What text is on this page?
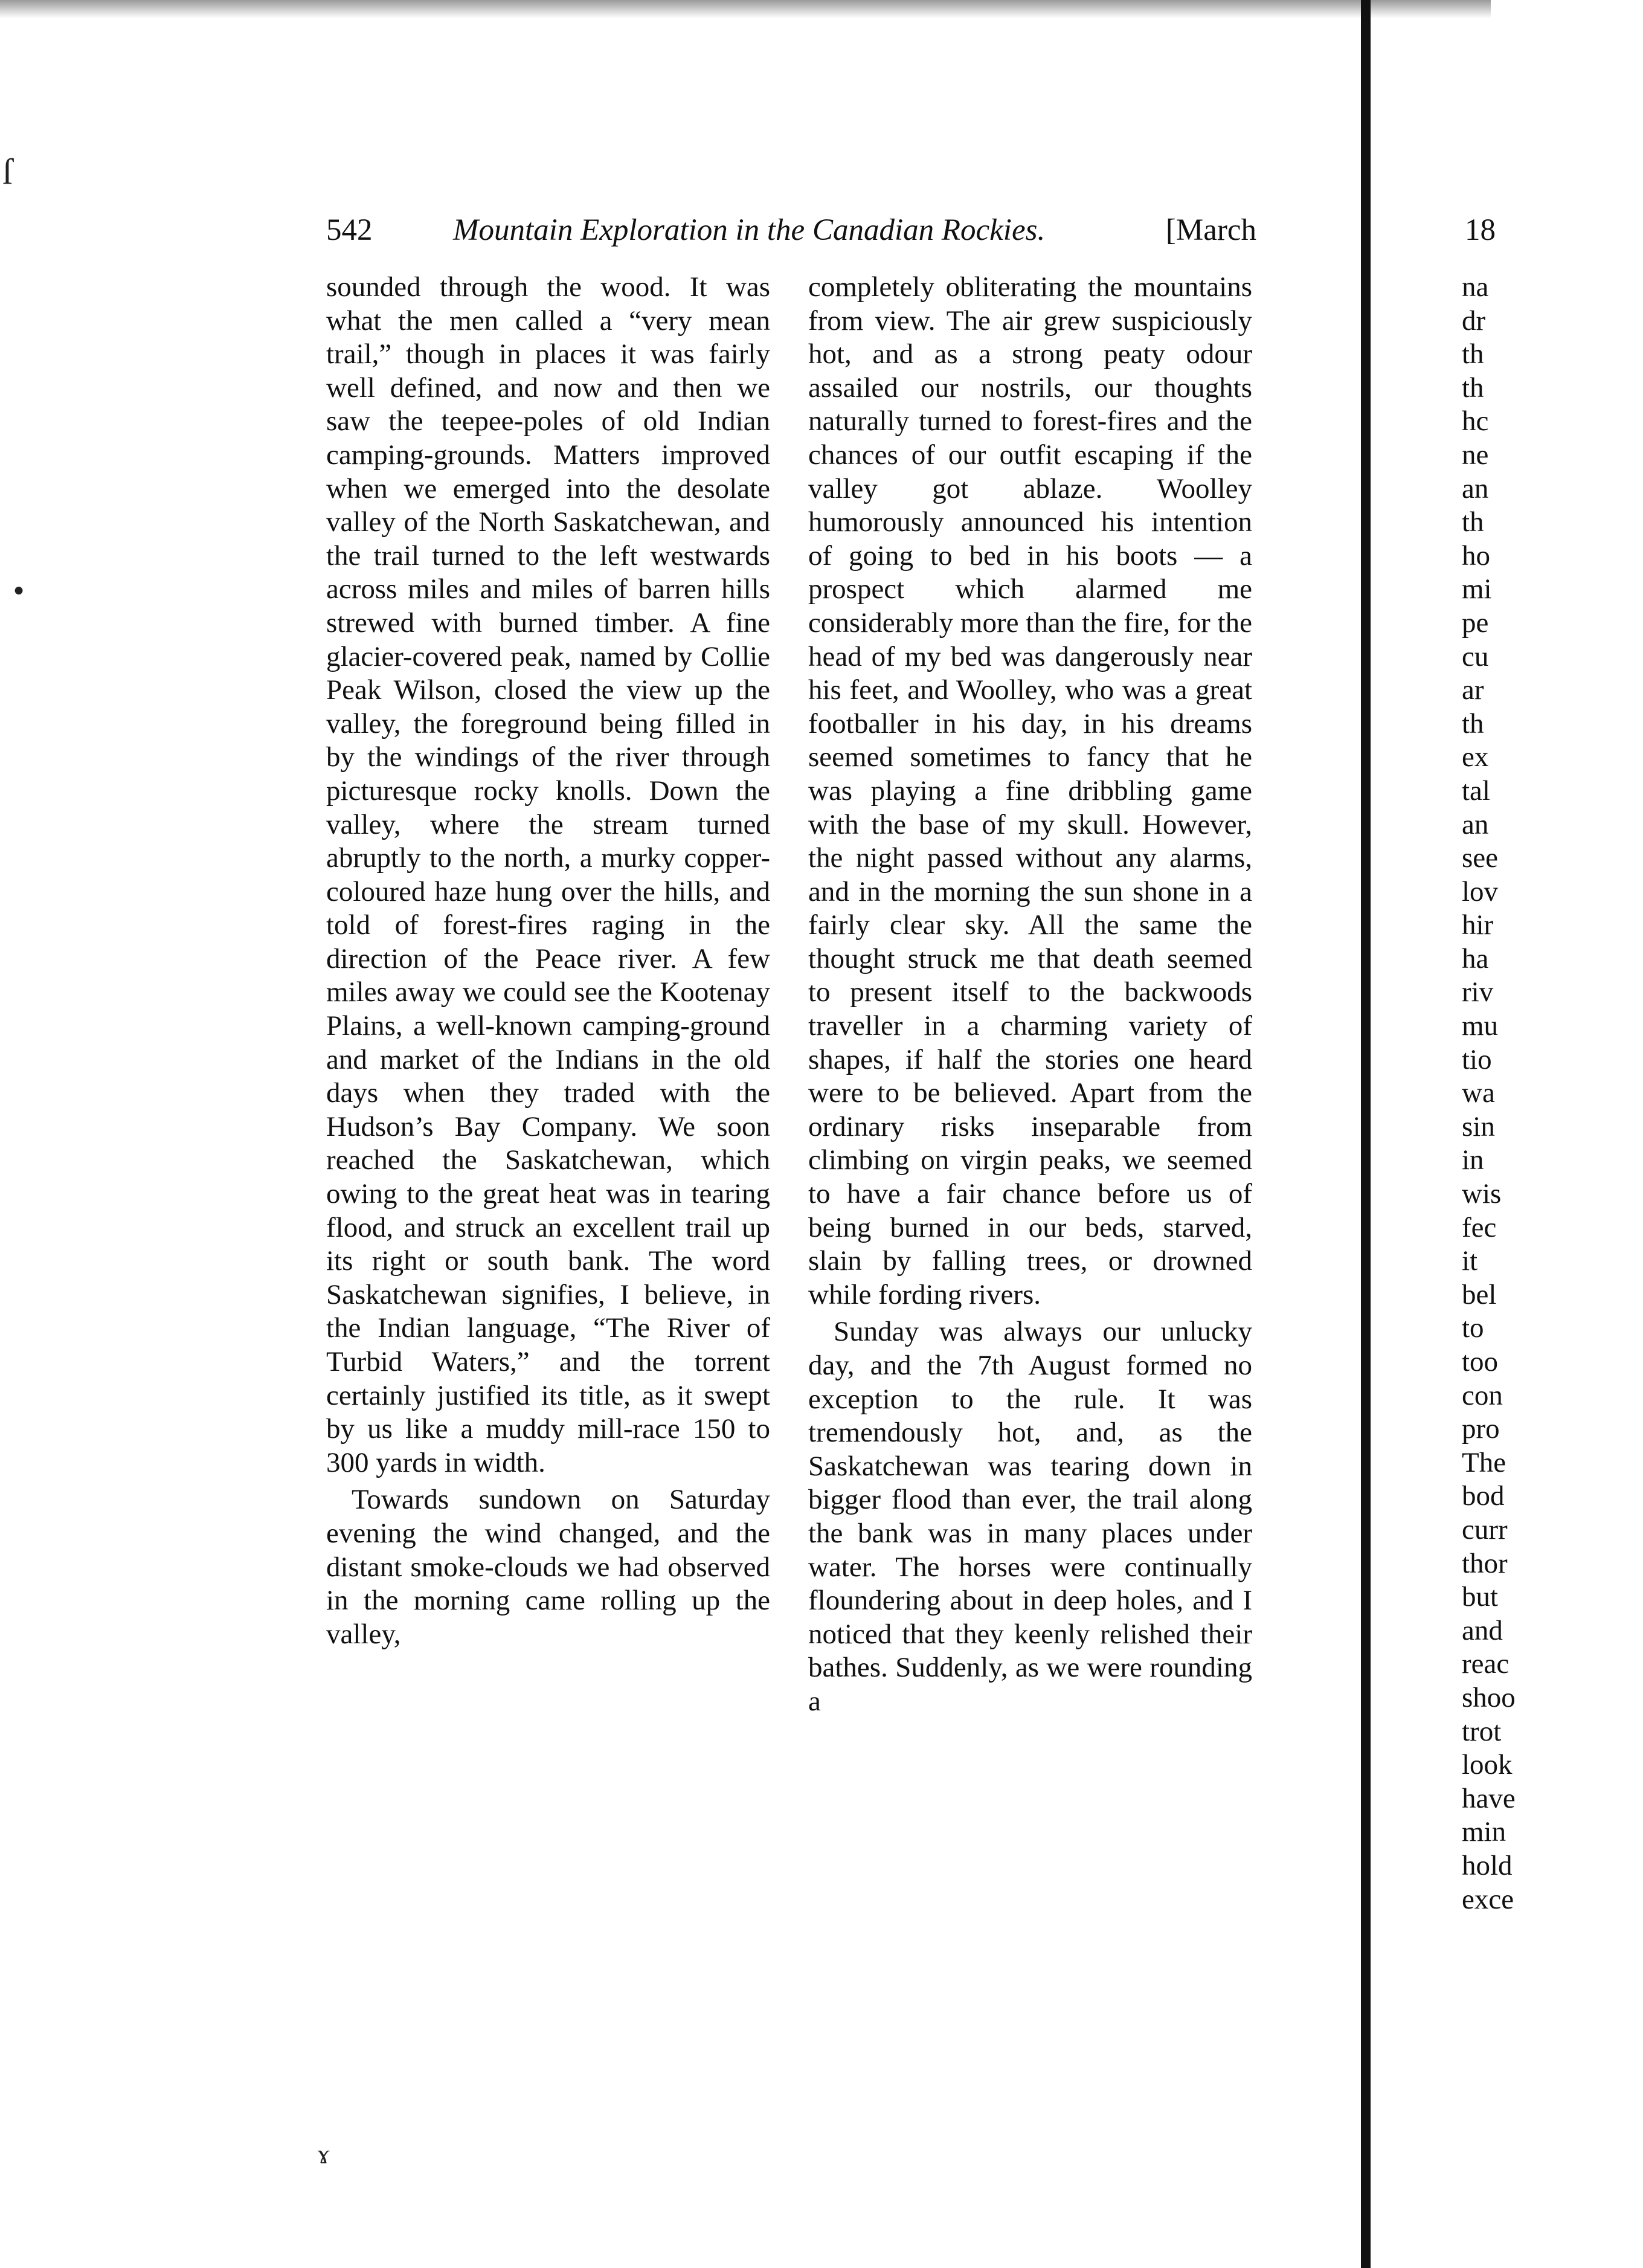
ſ
●
ɤ
542	Mountain Exploration in the Canadian Rockies.	[March

sounded through the wood. It was what the men called a “very mean trail,” though in places it was fairly well defined, and now and then we saw the teepee-poles of old Indian camping-grounds. Matters improved when we emerged into the desolate valley of the North Saskatchewan, and the trail turned to the left westwards across miles and miles of barren hills strewed with burned timber. A fine glacier-covered peak, named by Collie Peak Wilson, closed the view up the valley, the foreground being filled in by the windings of the river through picturesque rocky knolls. Down the valley, where the stream turned abruptly to the north, a murky copper-coloured haze hung over the hills, and told of forest-fires raging in the direction of the Peace river. A few miles away we could see the Kootenay Plains, a well-known camping-ground and market of the Indians in the old days when they traded with the Hudson’s Bay Company. We soon reached the Saskatchewan, which owing to the great heat was in tearing flood, and struck an excellent trail up its right or south bank. The word Saskatchewan signifies, I believe, in the Indian language, “The River of Turbid Waters,” and the torrent certainly justified its title, as it swept by us like a muddy mill-race 150 to 300 yards in width.

Towards sundown on Saturday evening the wind changed, and the distant smoke-clouds we had observed in the morning came rolling up the valley,

completely obliterating the mountains from view. The air grew suspiciously hot, and as a strong peaty odour assailed our nostrils, our thoughts naturally turned to forest-fires and the chances of our outfit escaping if the valley got ablaze. Woolley humorously announced his intention of going to bed in his boots — a prospect which alarmed me considerably more than the fire, for the head of my bed was dangerously near his feet, and Woolley, who was a great footballer in his day, in his dreams seemed sometimes to fancy that he was playing a fine dribbling game with the base of my skull. However, the night passed without any alarms, and in the morning the sun shone in a fairly clear sky. All the same the thought struck me that death seemed to present itself to the backwoods traveller in a charming variety of shapes, if half the stories one heard were to be believed. Apart from the ordinary risks inseparable from climbing on virgin peaks, we seemed to have a fair chance before us of being burned in our beds, starved, slain by falling trees, or drowned while fording rivers.

Sunday was always our unlucky day, and the 7th August formed no exception to the rule. It was tremendously hot, and, as the Saskatchewan was tearing down in bigger flood than ever, the trail along the bank was in many places under water. The horses were continually floundering about in deep holes, and I noticed that they keenly relished their bathes. Suddenly, as we were rounding a

18
na
dr
th
th
hc
ne
an
th
ho
mi
pe
cu
ar
th
ex
tal
an
see
lov
hir
ha
riv
mu
tio
wa
sin
in
wis
fec
it
bel
to
too
con
pro
The
bod
curr
thor
but
and
reac
shoo
trot
look
have
min
hold
exce
